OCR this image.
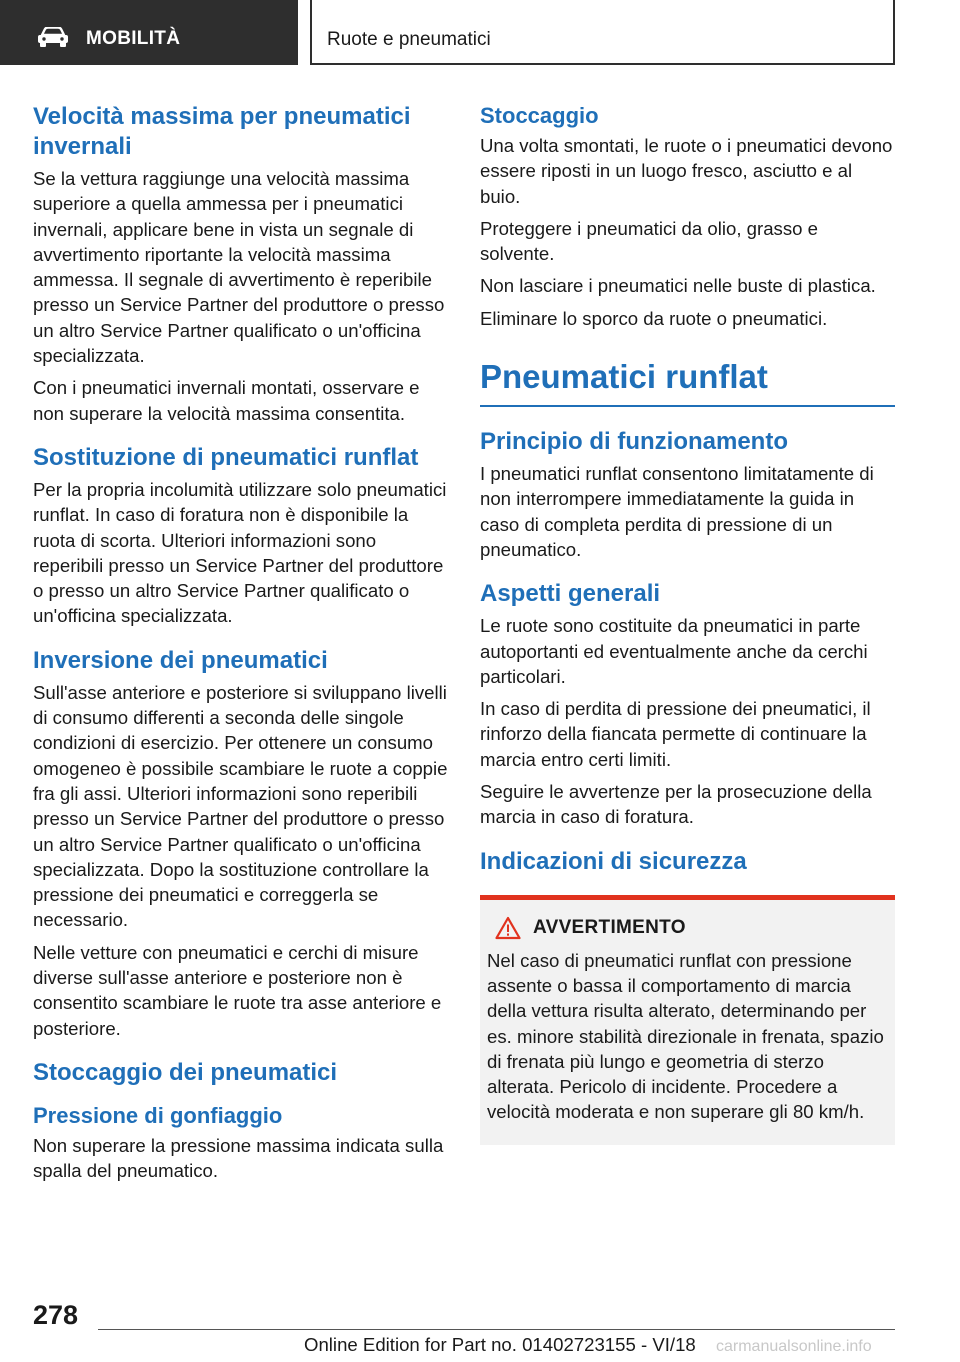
MOBILITÀ	Ruote e pneumatici
Velocità massima per pneumatici invernali

Se la vettura raggiunge una velocità massima superiore a quella ammessa per i pneumatici invernali, applicare bene in vista un segnale di avvertimento riportante la velocità massima ammessa. Il segnale di avvertimento è reperibile presso un Service Partner del produttore o presso un altro Service Partner qualificato o un'officina specializzata.

Con i pneumatici invernali montati, osservare e non superare la velocità massima consentita.

Sostituzione di pneumatici runflat

Per la propria incolumità utilizzare solo pneumatici runflat. In caso di foratura non è disponibile la ruota di scorta. Ulteriori informazioni sono reperibili presso un Service Partner del produttore o presso un altro Service Partner qualificato o un'officina specializzata.

Inversione dei pneumatici

Sull'asse anteriore e posteriore si sviluppano livelli di consumo differenti a seconda delle singole condizioni di esercizio. Per ottenere un consumo omogeneo è possibile scambiare le ruote a coppie fra gli assi. Ulteriori informazioni sono reperibili presso un Service Partner del produttore o presso un altro Service Partner qualificato o un'officina specializzata. Dopo la sostituzione controllare la pressione dei pneumatici e correggerla se necessario.

Nelle vetture con pneumatici e cerchi di misure diverse sull'asse anteriore e posteriore non è consentito scambiare le ruote tra asse anteriore e posteriore.

Stoccaggio dei pneumatici
Pressione di gonfiaggio

Non superare la pressione massima indicata sulla spalla del pneumatico.

Stoccaggio

Una volta smontati, le ruote o i pneumatici devono essere riposti in un luogo fresco, asciutto e al buio.

Proteggere i pneumatici da olio, grasso e solvente.

Non lasciare i pneumatici nelle buste di plastica.

Eliminare lo sporco da ruote o pneumatici.

Pneumatici runflat
Principio di funzionamento

I pneumatici runflat consentono limitatamente di non interrompere immediatamente la guida in caso di completa perdita di pressione di un pneumatico.

Aspetti generali

Le ruote sono costituite da pneumatici in parte autoportanti ed eventualmente anche da cerchi particolari.

In caso di perdita di pressione dei pneumatici, il rinforzo della fiancata permette di continuare la marcia entro certi limiti.

Seguire le avvertenze per la prosecuzione della marcia in caso di foratura.

Indicazioni di sicurezza
AVVERTIMENTO

Nel caso di pneumatici runflat con pressione assente o bassa il comportamento di marcia della vettura risulta alterato, determinando per es. minore stabilità direzionale in frenata, spazio di frenata più lungo e geometria di sterzo alterata. Pericolo di incidente. Procedere a velocità moderata e non superare gli 80 km/h.

278
Online Edition for Part no. 01402723155 - VI/18 carmanualsonline.info
